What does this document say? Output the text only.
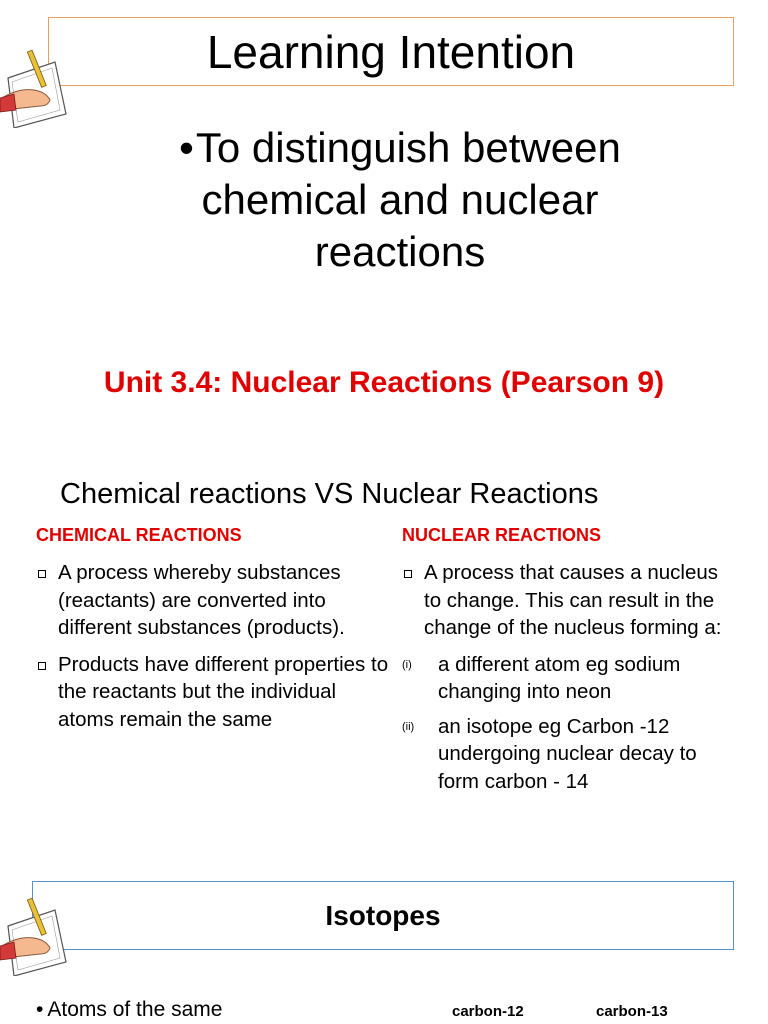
Learning Intention
•To distinguish between chemical and nuclear reactions
Unit 3.4: Nuclear Reactions (Pearson 9)
Chemical reactions VS Nuclear Reactions
CHEMICAL REACTIONS	NUCLEAR REACTIONS
A process whereby substances (reactants) are converted into different substances (products).
Products have different properties to the reactants but the individual atoms remain the same
A process that causes a nucleus to change. This can result in the change of the nucleus forming a:
(i) a different atom eg sodium changing into neon
(ii) an isotope eg Carbon -12 undergoing nuclear decay to form carbon - 14
Isotopes
• Atoms of the same	carbon-12	carbon-13
